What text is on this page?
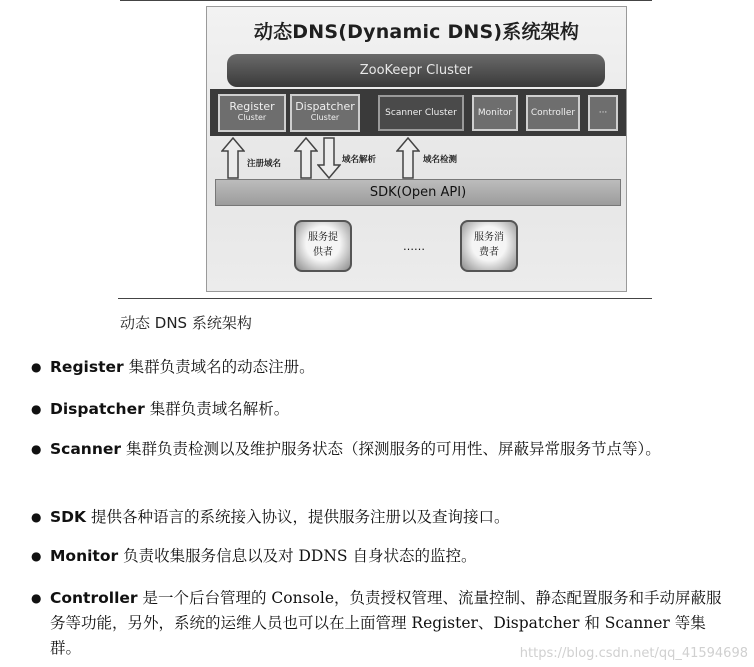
动态DNS(Dynamic DNS)系统架构
ZooKeepr Cluster
Register
Cluster
Dispatcher
Cluster	Scanner Cluster	Monitor	Controller	···
注册域名	域名解析	域名检测
SDK(Open API)
服务提
供者	……
服务消
费者
动态 DNS 系统架构
● Register 集群负责域名的动态注册。
● Dispatcher 集群负责域名解析。
● Scanner 集群负责检测以及维护服务状态（探测服务的可用性、屏蔽异常服务节点等）。
● SDK 提供各种语言的系统接入协议，提供服务注册以及查询接口。
● Monitor 负责收集服务信息以及对 DDNS 自身状态的监控。
● Controller 是一个后台管理的 Console，负责授权管理、流量控制、静态配置服务和手动屏蔽服务等功能，另外，系统的运维人员也可以在上面管理 Register、Dispatcher 和 Scanner 等集群。	https://blog.csdn.net/qq_41594698
